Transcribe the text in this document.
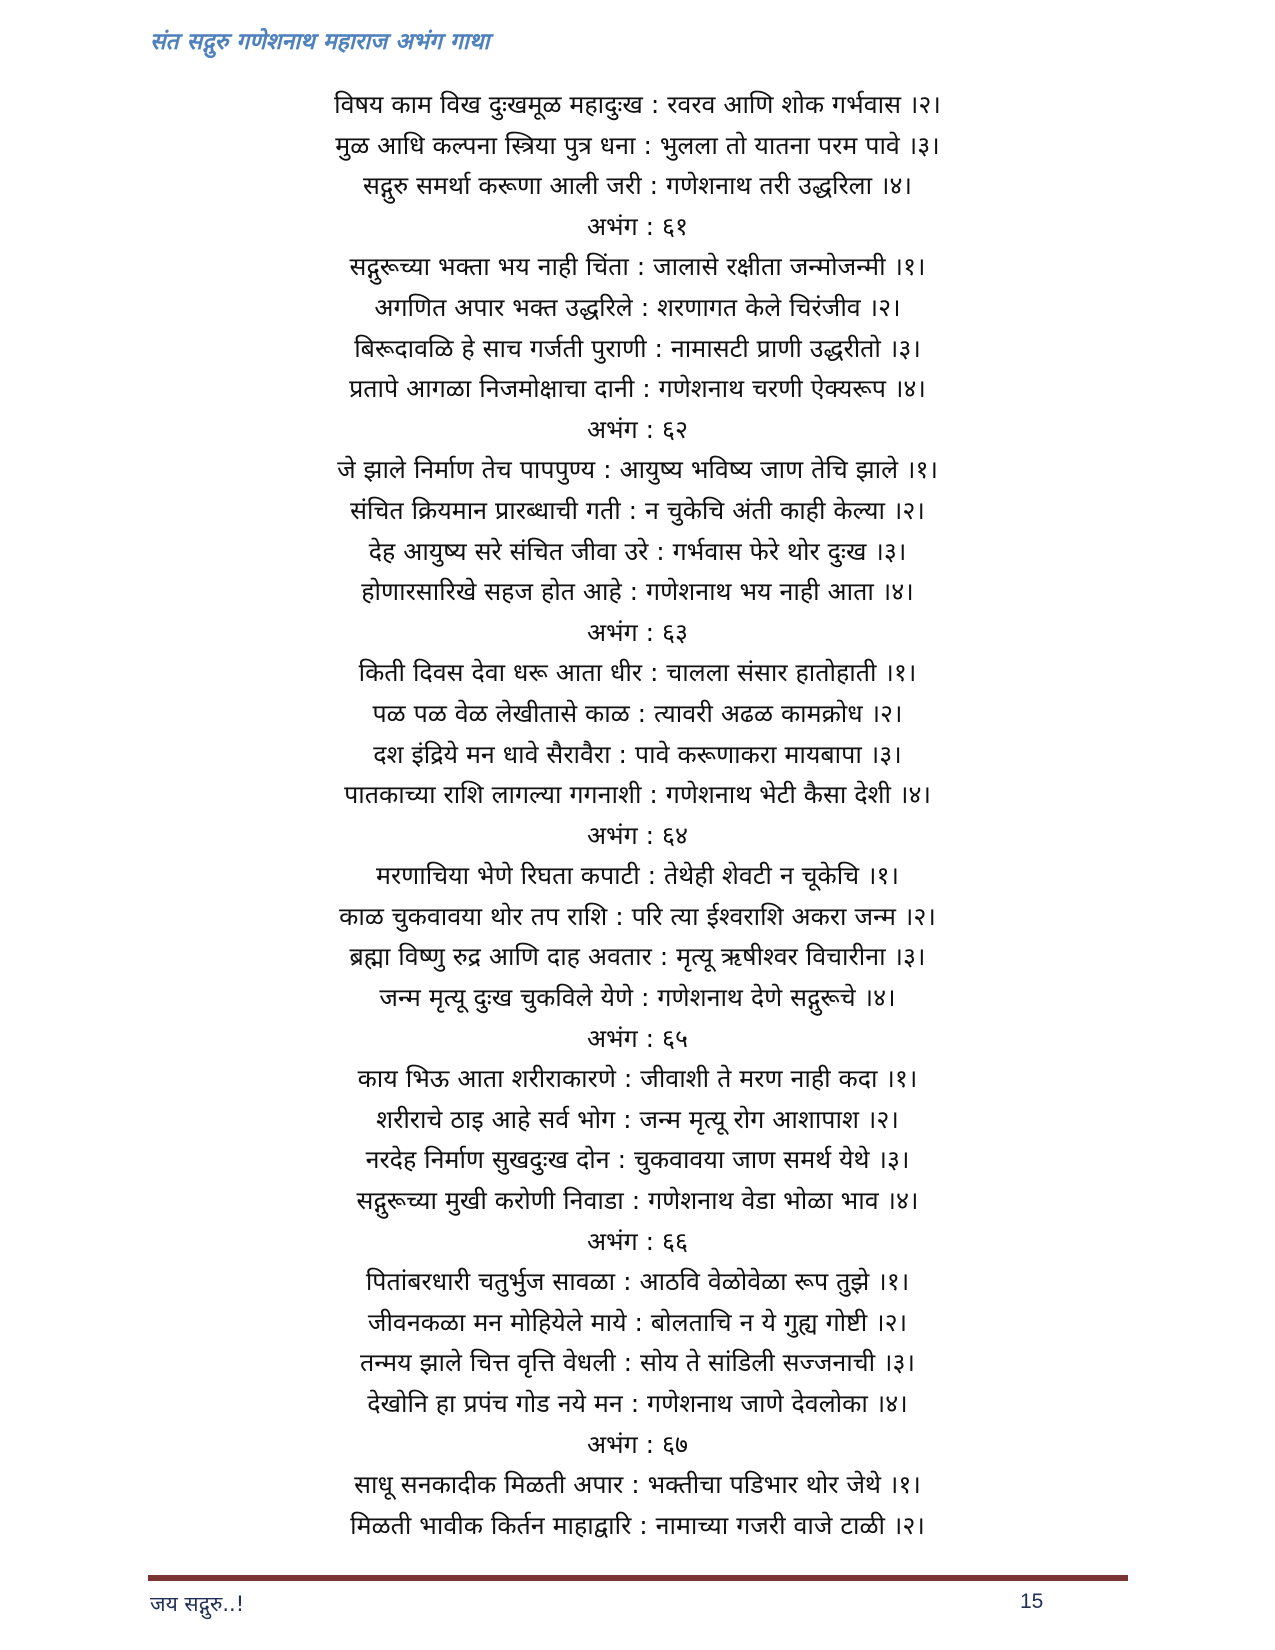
संत सद्गुरु गणेशनाथ महाराज अभंग गाथा
विषय काम विख दुःखमूळ महादुःख : रवरव आणि शोक गर्भवास ।२।
मुळ आधि कल्पना स्त्रिया पुत्र धना : भुलला तो यातना परम पावे ।३।
सद्गुरु समर्था करूणा आली जरी : गणेशनाथ तरी उद्धरिला ।४।
अभंग : ६१
सद्गुरूच्या भक्ता भय नाही चिंता : जालासे रक्षीता जन्मोजन्मी ।१।
अगणित अपार भक्त उद्धरिले : शरणागत केले चिरंजीव ।२।
बिरूदावळि हे साच गर्जती पुराणी : नामासटी प्राणी उद्धरीतो ।३।
प्रतापे आगळा निजमोक्षाचा दानी : गणेशनाथ चरणी ऐक्यरूप ।४।
अभंग : ६२
जे झाले निर्माण तेच पापपुण्य : आयुष्य भविष्य जाण तेचि झाले ।१।
संचित क्रियमान प्रारब्धाची गती : न चुकेचि अंती काही केल्या ।२।
देह आयुष्य सरे संचित जीवा उरे : गर्भवास फेरे थोर दुःख ।३।
होणारसारिखे सहज होत आहे : गणेशनाथ भय नाही आता ।४।
अभंग : ६३
किती दिवस देवा धरू आता धीर : चालला संसार हातोहाती ।१।
पळ पळ वेळ लेखीतासे काळ : त्यावरी अढळ कामक्रोध ।२।
दश इंद्रिये मन धावे सैरावैरा : पावे करूणाकरा मायबापा ।३।
पातकाच्या राशि लागल्या गगनाशी : गणेशनाथ भेटी कैसा देशी ।४।
अभंग : ६४
मरणाचिया भेणे रिघता कपाटी : तेथेही शेवटी न चूकेचि ।१।
काळ चुकवावया थोर तप राशि : परि त्या ईश्वराशि अकरा जन्म ।२।
ब्रह्मा विष्णु रुद्र आणि दाह अवतार : मृत्यू ऋषीश्वर विचारीना ।३।
जन्म मृत्यू दुःख चुकविले येणे : गणेशनाथ देणे सद्गुरूचे ।४।
अभंग : ६५
काय भिऊ आता शरीराकारणे : जीवाशी ते मरण नाही कदा ।१।
शरीराचे ठाइ आहे सर्व भोग : जन्म मृत्यू रोग आशापाश ।२।
नरदेह निर्माण सुखदुःख दोन : चुकवावया जाण समर्थ येथे ।३।
सद्गुरूच्या मुखी करोणी निवाडा : गणेशनाथ वेडा भोळा भाव ।४।
अभंग : ६६
पितांबरधारी चतुर्भुज सावळा : आठवि वेळोवेळा रूप तुझे ।१।
जीवनकळा मन मोहियेले माये : बोलताचि न ये गुह्य गोष्टी ।२।
तन्मय झाले चित्त वृत्ति वेधली : सोय ते सांडिली सज्जनाची ।३।
देखोनि हा प्रपंच गोड नये मन : गणेशनाथ जाणे देवलोका ।४।
अभंग : ६७
साधू सनकादीक मिळती अपार : भक्तीचा पडिभार थोर जेथे ।१।
मिळती भावीक किर्तन माहाद्वारि : नामाच्या गजरी वाजे टाळी ।२।
जय सद्गुरु..!	15
